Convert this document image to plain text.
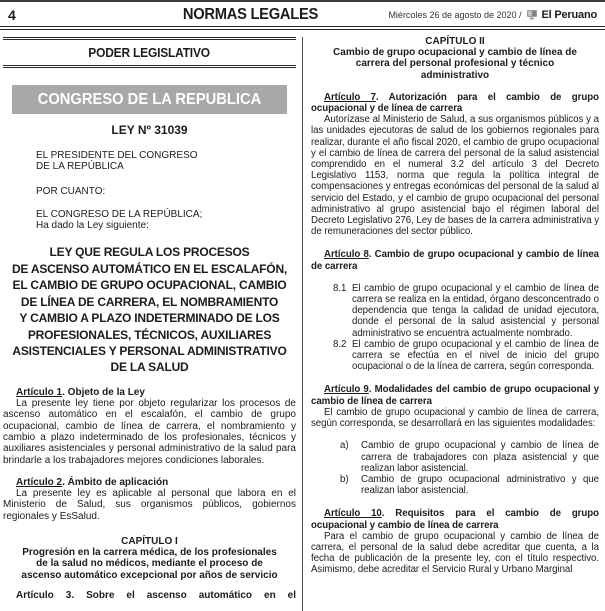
4	NORMAS LEGALES	Miércoles 26 de agosto de 2020 / El Peruano
PODER LEGISLATIVO
CONGRESO DE LA REPUBLICA
LEY Nº 31039
EL PRESIDENTE DEL CONGRESO
DE LA REPÚBLICA
POR CUANTO:
EL CONGRESO DE LA REPÚBLICA;
Ha dado la Ley siguiente:
LEY QUE REGULA LOS PROCESOS
DE ASCENSO AUTOMÁTICO EN EL ESCALAFÓN,
EL CAMBIO DE GRUPO OCUPACIONAL, CAMBIO
DE LÍNEA DE CARRERA, EL NOMBRAMIENTO
Y CAMBIO A PLAZO INDETERMINADO DE LOS
PROFESIONALES, TÉCNICOS, AUXILIARES
ASISTENCIALES Y PERSONAL ADMINISTRATIVO
DE LA SALUD

Artículo 1. Objeto de la Ley

La presente ley tiene por objeto regularizar los procesos de ascenso automático en el escalafón, el cambio de grupo ocupacional, cambio de línea de carrera, el nombramiento y cambio a plazo indeterminado de los profesionales, técnicos y auxiliares asistenciales y personal administrativo de la salud para brindarle a los trabajadores mejores condiciones laborales.

Artículo 2. Ámbito de aplicación

La presente ley es aplicable al personal que labora en el Ministerio de Salud, sus organismos públicos, gobiernos regionales y EsSalud.

CAPÍTULO I
Progresión en la carrera médica, de los profesionales de la salud no médicos, mediante el proceso de ascenso automático excepcional por años de servicio

Artículo 3. Sobre el ascenso automático en el

CAPÍTULO II
Cambio de grupo ocupacional y cambio de línea de carrera del personal profesional y técnico administrativo

Artículo 7. Autorización para el cambio de grupo ocupacional y de línea de carrera

Autorízase al Ministerio de Salud, a sus organismos públicos y a las unidades ejecutoras de salud de los gobiernos regionales para realizar, durante el año fiscal 2020, el cambio de grupo ocupacional y el cambio de línea de carrera del personal de la salud asistencial comprendido en el numeral 3.2 del artículo 3 del Decreto Legislativo 1153, norma que regula la política integral de compensaciones y entregas económicas del personal de la salud al servicio del Estado, y el cambio de grupo ocupacional del personal administrativo al grupo asistencial bajo el régimen laboral del Decreto Legislativo 276, Ley de bases de la carrera administrativa y de remuneraciones del sector público.

Artículo 8. Cambio de grupo ocupacional y cambio de línea de carrera

8.1 El cambio de grupo ocupacional y el cambio de línea de carrera se realiza en la entidad, órgano desconcentrado o dependencia que tenga la calidad de unidad ejecutora, donde el personal de la salud asistencial y personal administrativo se encuentra actualmente nombrado.
8.2 El cambio de grupo ocupacional y el cambio de línea de carrera se efectúa en el nivel de inicio del grupo ocupacional o de la línea de carrera, según corresponda.

Artículo 9. Modalidades del cambio de grupo ocupacional y cambio de línea de carrera

El cambio de grupo ocupacional y cambio de línea de carrera, según corresponda, se desarrollará en las siguientes modalidades:

a)	Cambio de grupo ocupacional y cambio de línea de carrera de trabajadores con plaza asistencial y que realizan labor asistencial.
b)	Cambio de grupo ocupacional administrativo y que realizan labor asistencial.

Artículo 10. Requisitos para el cambio de grupo ocupacional y cambio de línea de carrera

Para el cambio de grupo ocupacional y cambio de línea de carrera, el personal de la salud debe acreditar que cuenta, a la fecha de publicación de la presente ley, con el título respectivo. Asimismo, debe acreditar el Servicio Rural y Urbano Marginal
